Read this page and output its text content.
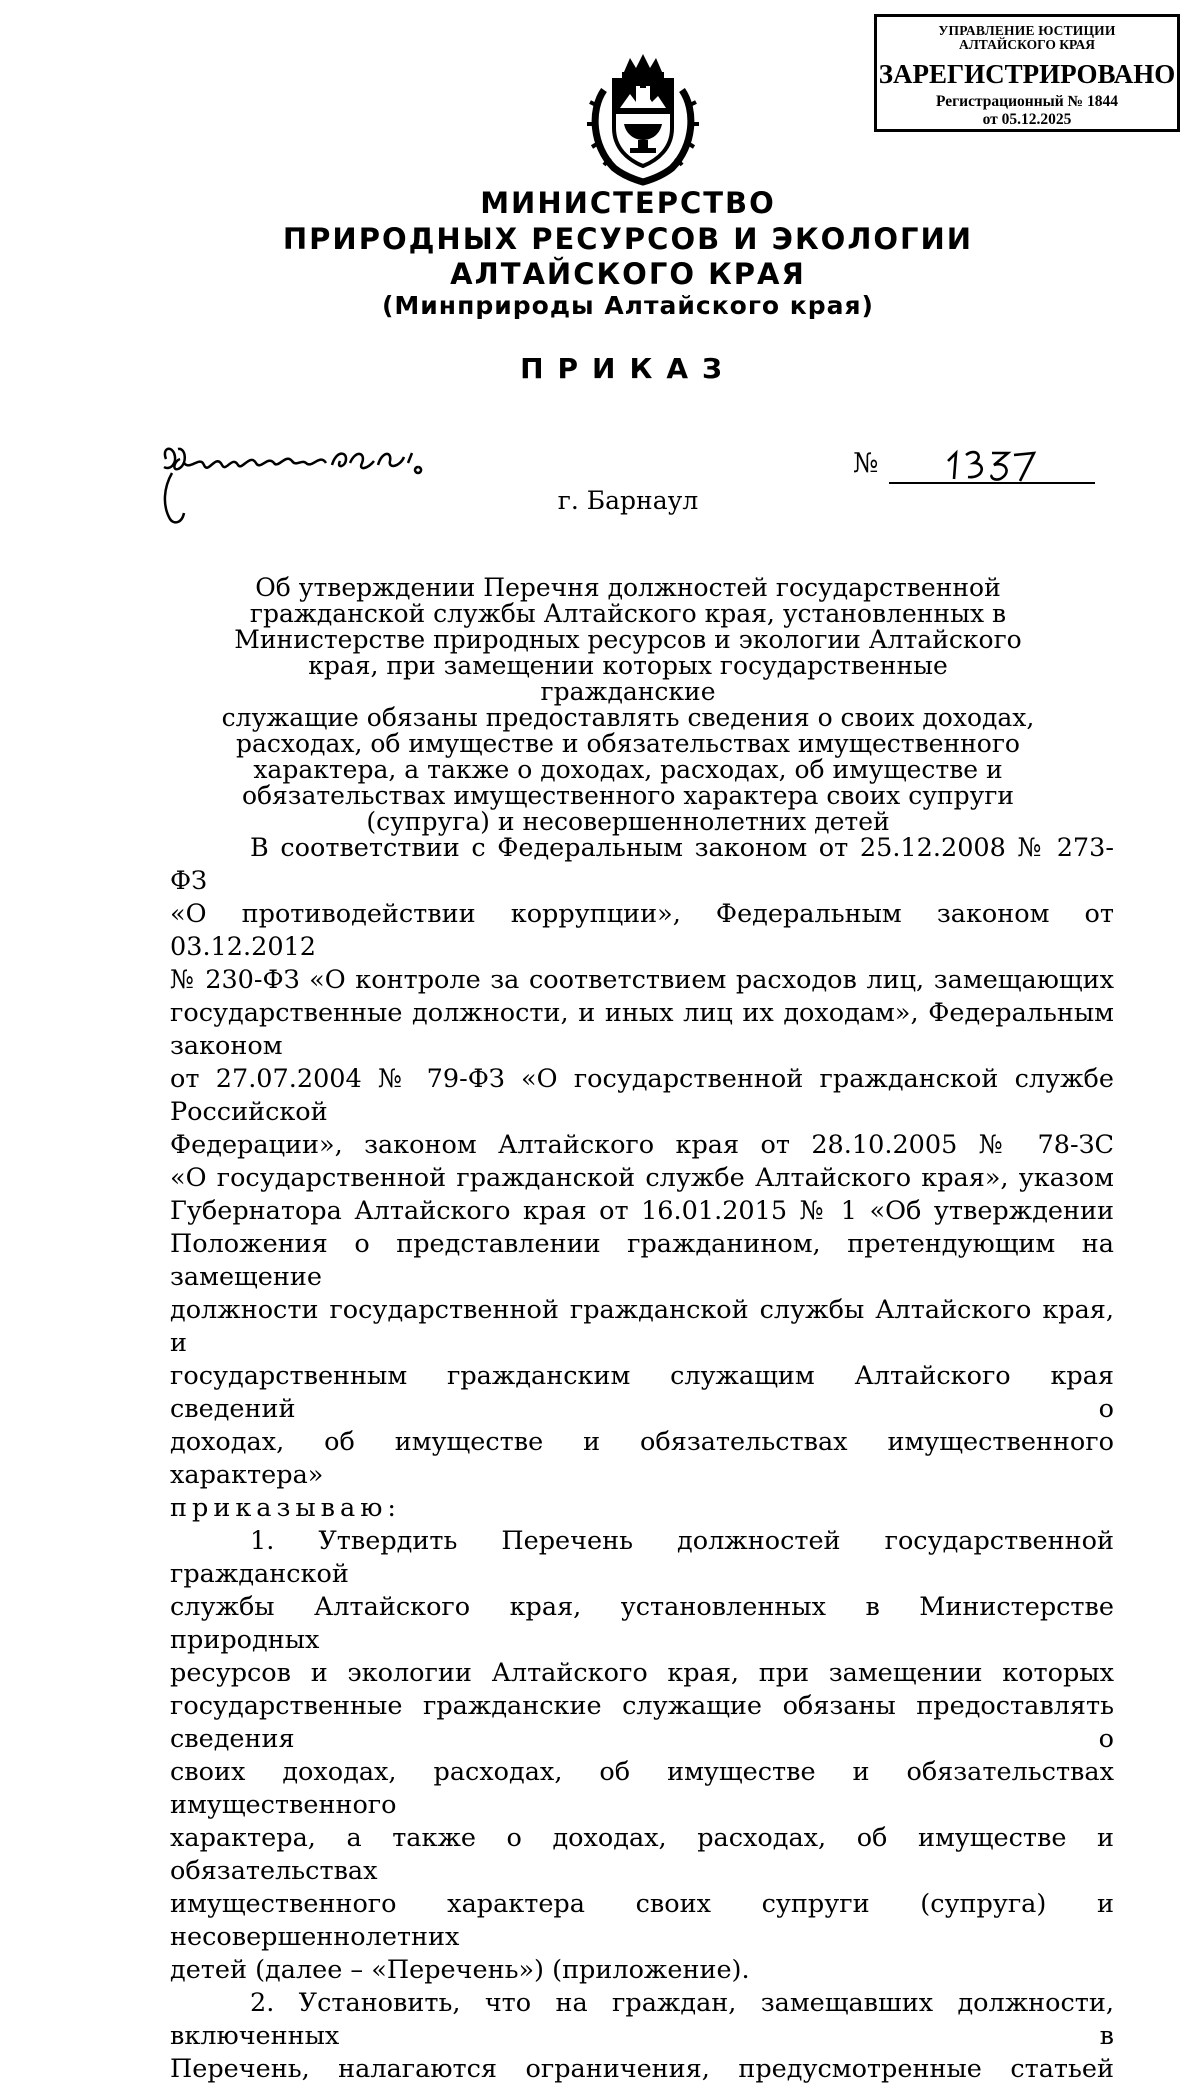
УПРАВЛЕНИЕ ЮСТИЦИИ
АЛТАЙСКОГО КРАЯ
ЗАРЕГИСТРИРОВАНО
Регистрационный № 1844
от 05.12.2025
МИНИСТЕРСТВО
ПРИРОДНЫХ РЕСУРСОВ И ЭКОЛОГИИ
АЛТАЙСКОГО КРАЯ
(Минприроды Алтайского края)
ПРИКАЗ
№
г. Барнаул
Об утверждении Перечня должностей государственной
гражданской службы Алтайского края, установленных в
Министерстве природных ресурсов и экологии Алтайского
края, при замещении которых государственные гражданские
служащие обязаны предоставлять сведения о своих доходах,
расходах, об имуществе и обязательствах имущественного
характера, а также о доходах, расходах, об имуществе и
обязательствах имущественного характера своих супруги
(супруга) и несовершеннолетних детей

В соответствии с Федеральным законом от 25.12.2008 № 273-ФЗ

«О противодействии коррупции», Федеральным законом от 03.12.2012

№ 230-ФЗ «О контроле за соответствием расходов лиц, замещающих

государственные должности, и иных лиц их доходам», Федеральным законом

от 27.07.2004 № 79-ФЗ «О государственной гражданской службе Российской

Федерации», законом Алтайского края от 28.10.2005 № 78-ЗС

«О государственной гражданской службе Алтайского края», указом

Губернатора Алтайского края от 16.01.2015 № 1 «Об утверждении

Положения о представлении гражданином, претендующим на замещение

должности государственной гражданской службы Алтайского края, и

государственным гражданским служащим Алтайского края сведений о

доходах, об имуществе и обязательствах имущественного характера»

приказываю:

1. Утвердить Перечень должностей государственной гражданской

службы Алтайского края, установленных в Министерстве природных

ресурсов и экологии Алтайского края, при замещении которых

государственные гражданские служащие обязаны предоставлять сведения о

своих доходах, расходах, об имуществе и обязательствах имущественного

характера, а также о доходах, расходах, об имуществе и обязательствах

имущественного характера своих супруги (супруга) и несовершеннолетних

детей (далее – «Перечень») (приложение).

2. Установить, что на граждан, замещавших должности, включенных в

Перечень, налагаются ограничения, предусмотренные статьей
